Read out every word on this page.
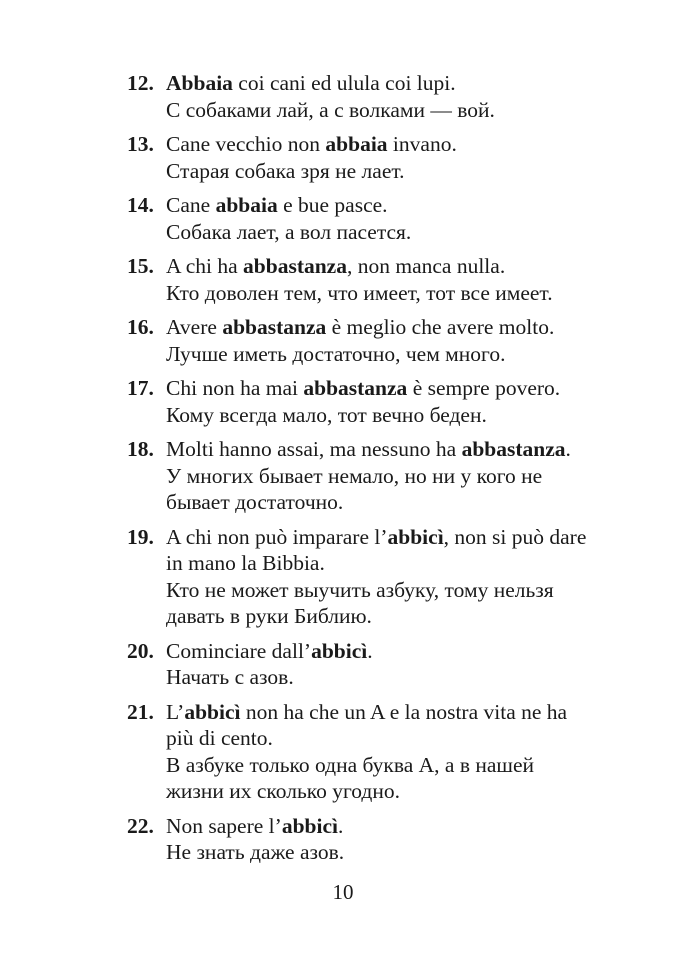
12. Abbaia coi cani ed ulula coi lupi.
С собаками лай, а с волками — вой.
13. Cane vecchio non abbaia invano.
Старая собака зря не лает.
14. Cane abbaia e bue pasce.
Собака лает, а вол пасется.
15. A chi ha abbastanza, non manca nulla.
Кто доволен тем, что имеет, тот все имеет.
16. Avere abbastanza è meglio che avere molto.
Лучше иметь достаточно, чем много.
17. Chi non ha mai abbastanza è sempre povero.
Кому всегда мало, тот вечно беден.
18. Molti hanno assai, ma nessuno ha abbastanza.
У многих бывает немало, но ни у кого не бывает достаточно.
19. A chi non può imparare l’abbicì, non si può dare in mano la Bibbia.
Кто не может выучить азбуку, тому нельзя давать в руки Библию.
20. Cominciare dall’abbicì.
Начать с азов.
21. L’abbicì non ha che un A e la nostra vita ne ha più di cento.
В азбуке только одна буква А, а в нашей жизни их сколько угодно.
22. Non sapere l’abbicì.
Не знать даже азов.
10
